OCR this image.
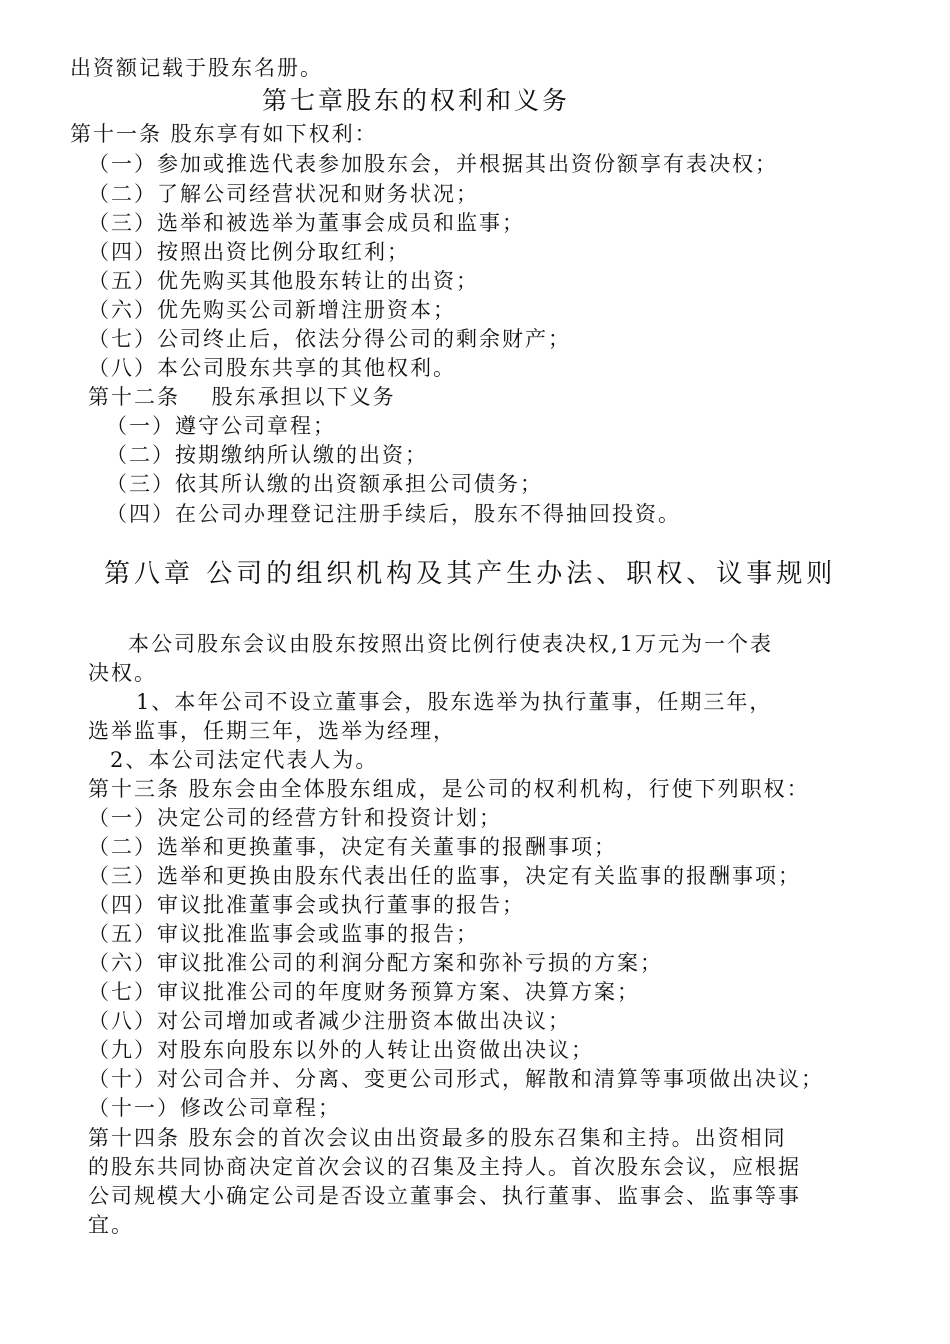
出资额记载于股东名册。
第七章股东的权利和义务
第十一条 股东享有如下权利：
（一）参加或推选代表参加股东会，并根据其出资份额享有表决权；
（二）了解公司经营状况和财务状况；
（三）选举和被选举为董事会成员和监事；
（四）按照出资比例分取红利；
（五）优先购买其他股东转让的出资；
（六）优先购买公司新增注册资本；
（七）公司终止后，依法分得公司的剩余财产；
（八）本公司股东共享的其他权利。
第十二条　 股东承担以下义务
（一）遵守公司章程；
（二）按期缴纳所认缴的出资；
（三）依其所认缴的出资额承担公司债务；
（四）在公司办理登记注册手续后，股东不得抽回投资。
第八章 公司的组织机构及其产生办法、职权、议事规则
本公司股东会议由股东按照出资比例行使表决权,1万元为一个表
决权。
1、本年公司不设立董事会，股东选举为执行董事，任期三年，
选举监事，任期三年，选举为经理，
2、本公司法定代表人为。
第十三条 股东会由全体股东组成，是公司的权利机构，行使下列职权：
（一）决定公司的经营方针和投资计划；
（二）选举和更换董事，决定有关董事的报酬事项；
（三）选举和更换由股东代表出任的监事，决定有关监事的报酬事项；
（四）审议批准董事会或执行董事的报告；
（五）审议批准监事会或监事的报告；
（六）审议批准公司的利润分配方案和弥补亏损的方案；
（七）审议批准公司的年度财务预算方案、决算方案；
（八）对公司增加或者减少注册资本做出决议；
（九）对股东向股东以外的人转让出资做出决议；
（十）对公司合并、分离、变更公司形式，解散和清算等事项做出决议；
（十一）修改公司章程；
第十四条 股东会的首次会议由出资最多的股东召集和主持。出资相同
的股东共同协商决定首次会议的召集及主持人。首次股东会议，应根据
公司规模大小确定公司是否设立董事会、执行董事、监事会、监事等事
宜。
